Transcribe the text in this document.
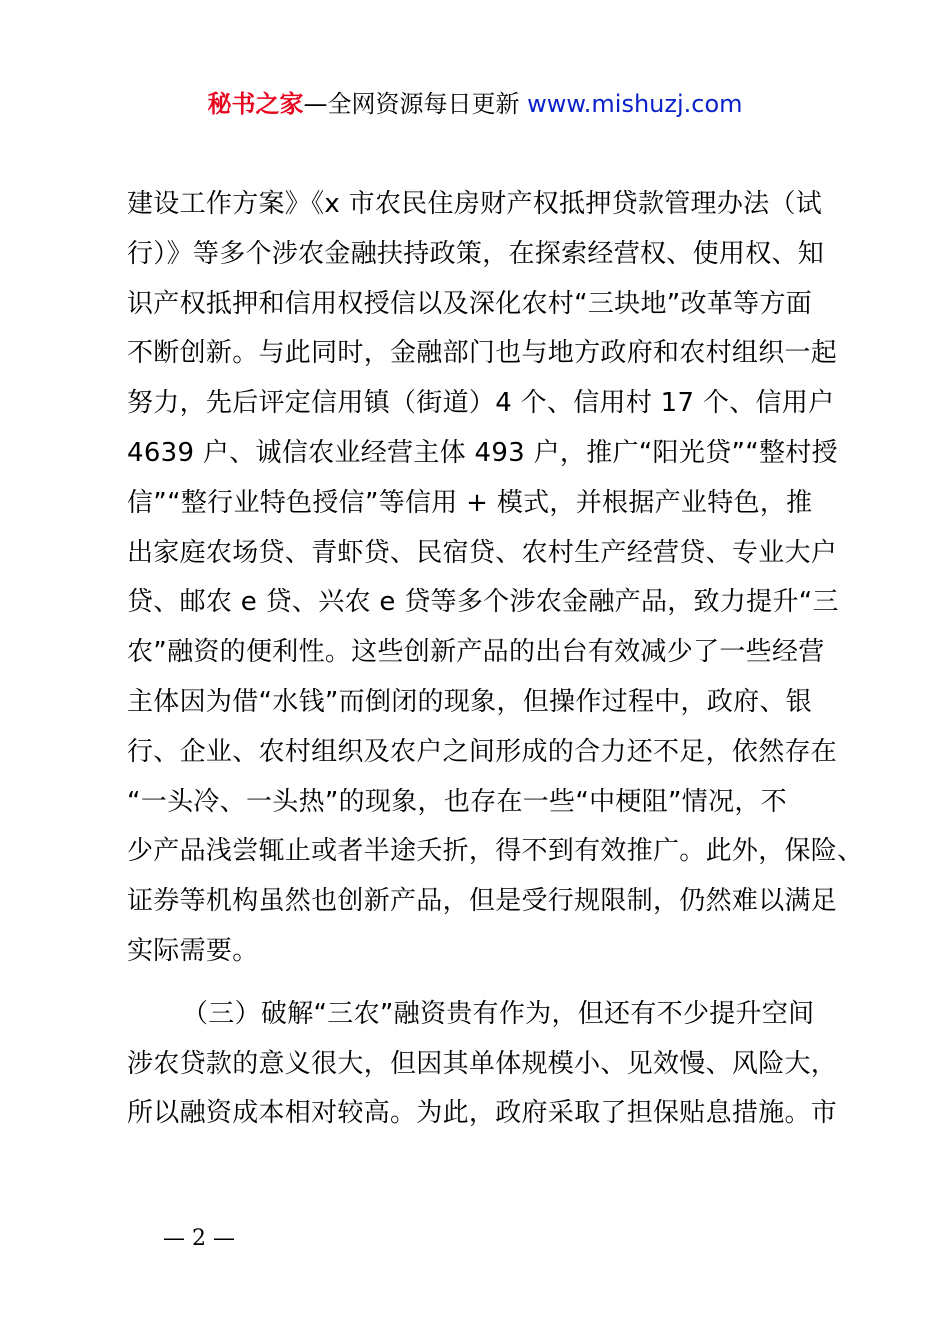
秘书之家—全网资源每日更新 www.mishuzj.com
建设工作方案》《x 市农民住房财产权抵押贷款管理办法（试
行）》等多个涉农金融扶持政策，在探索经营权、使用权、知
识产权抵押和信用权授信以及深化农村“三块地”改革等方面
不断创新。与此同时，金融部门也与地方政府和农村组织一起
努力，先后评定信用镇（街道）4 个、信用村 17 个、信用户
4639 户、诚信农业经营主体 493 户，推广“阳光贷”“整村授
信”“整行业特色授信”等信用 + 模式，并根据产业特色，推
出家庭农场贷、青虾贷、民宿贷、农村生产经营贷、专业大户
贷、邮农 e 贷、兴农 e 贷等多个涉农金融产品，致力提升“三
农”融资的便利性。这些创新产品的出台有效减少了一些经营
主体因为借“水钱”而倒闭的现象，但操作过程中，政府、银
行、企业、农村组织及农户之间形成的合力还不足，依然存在
“一头冷、一头热”的现象，也存在一些“中梗阻”情况，不
少产品浅尝辄止或者半途夭折，得不到有效推广。此外，保险、
证券等机构虽然也创新产品，但是受行规限制，仍然难以满足
实际需要。
（三）破解“三农”融资贵有作为，但还有不少提升空间
涉农贷款的意义很大，但因其单体规模小、见效慢、风险大，
所以融资成本相对较高。为此，政府采取了担保贴息措施。市
— 2 —
